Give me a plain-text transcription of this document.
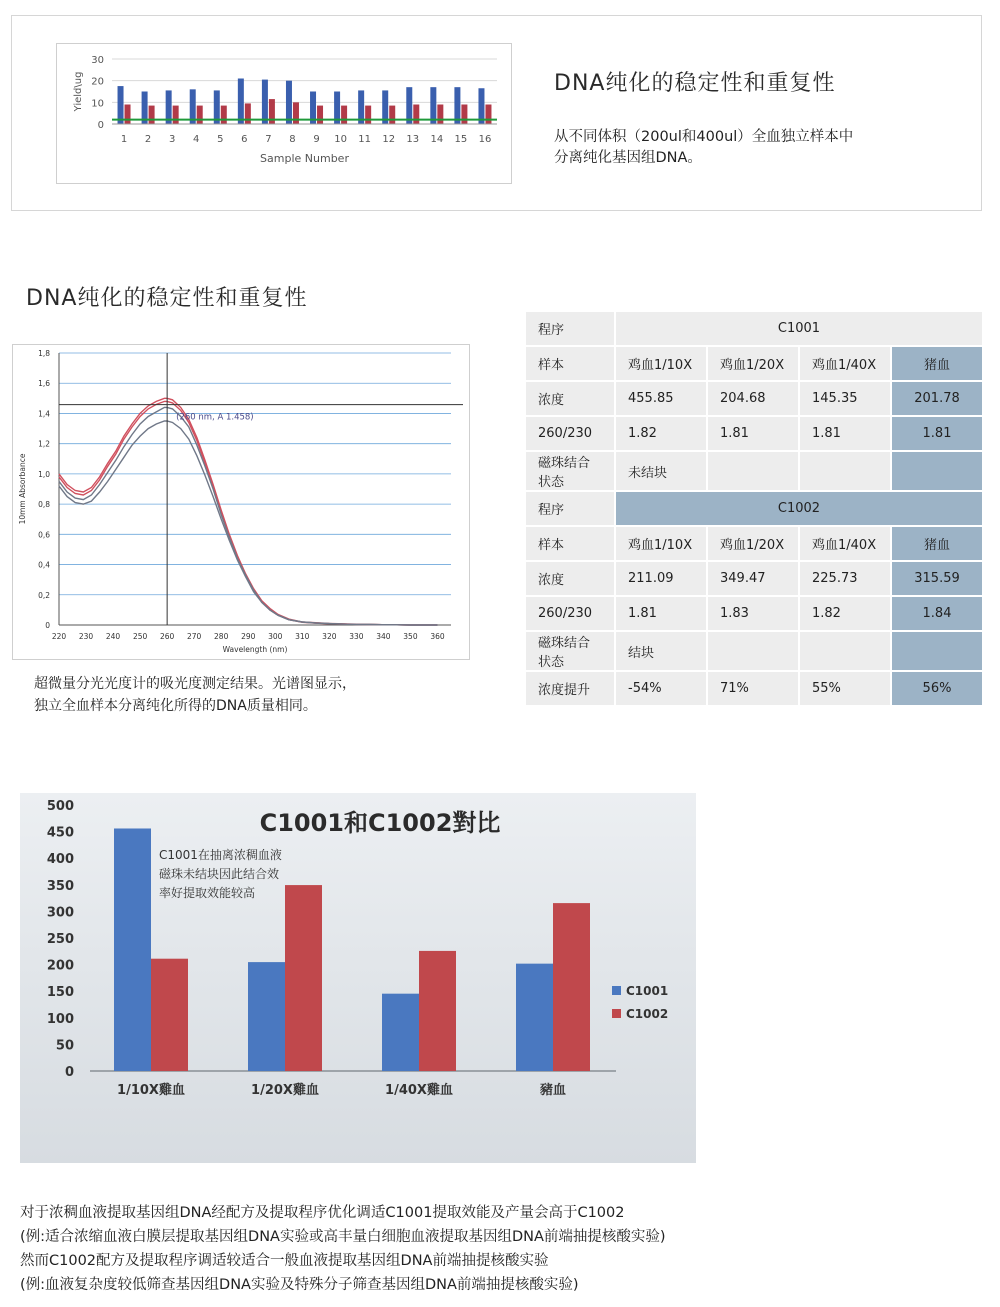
0
10
20
30
1 2 3 4 5 6 7 8 9 10 11 12 13 14 15 16
Sample Number
Yield\ug	DNA纯化的稳定性和重复性
从不同体积（200ul和400ul）全血独立样本中
分离纯化基因组DNA。
DNA纯化的稳定性和重复性
0
0,2
0,4
0,6
0,8
1,0
1,2
1,4
1,6
1,8
220 230 240 250 260 270 280 290 300 310 320 330 340 350 360
(260 nm, A 1.458)
Wavelength (nm)
10mm Absorbance
超微量分光光度计的吸光度测定结果。光谱图显示，
独立全血样本分离纯化所得的DNA质量相同。
程序	C1001			
样本	鸡血1/10X	鸡血1/20X	鸡血1/40X	猪血
浓度	455.85	204.68	145.35	201.78
260/230	1.82	1.81	1.81	1.81
磁珠结合状态	未结块			
程序	C1002			
样本	鸡血1/10X	鸡血1/20X	鸡血1/40X	猪血
浓度	211.09	349.47	225.73	315.59
260/230	1.81	1.83	1.82	1.84
磁珠结合状态	结块			
浓度提升	-54%	71%	55%	56%
0
50
100
150
200
250
300
350
400
450
500
1/10X雞血	1/20X雞血	1/40X雞血	豬血
C1001和C1002對比
C1001在抽离浓稠血液
磁珠未结块因此结合效
率好提取效能较高
C1001
C1002
对于浓稠血液提取基因组DNA经配方及提取程序优化调适C1001提取效能及产量会高于C1002
(例:适合浓缩血液白膜层提取基因组DNA实验或高丰量白细胞血液提取基因组DNA前端抽提核酸实验)
然而C1002配方及提取程序调适较适合一般血液提取基因组DNA前端抽提核酸实验
(例:血液复杂度较低筛查基因组DNA实验及特殊分子筛查基因组DNA前端抽提核酸实验)
